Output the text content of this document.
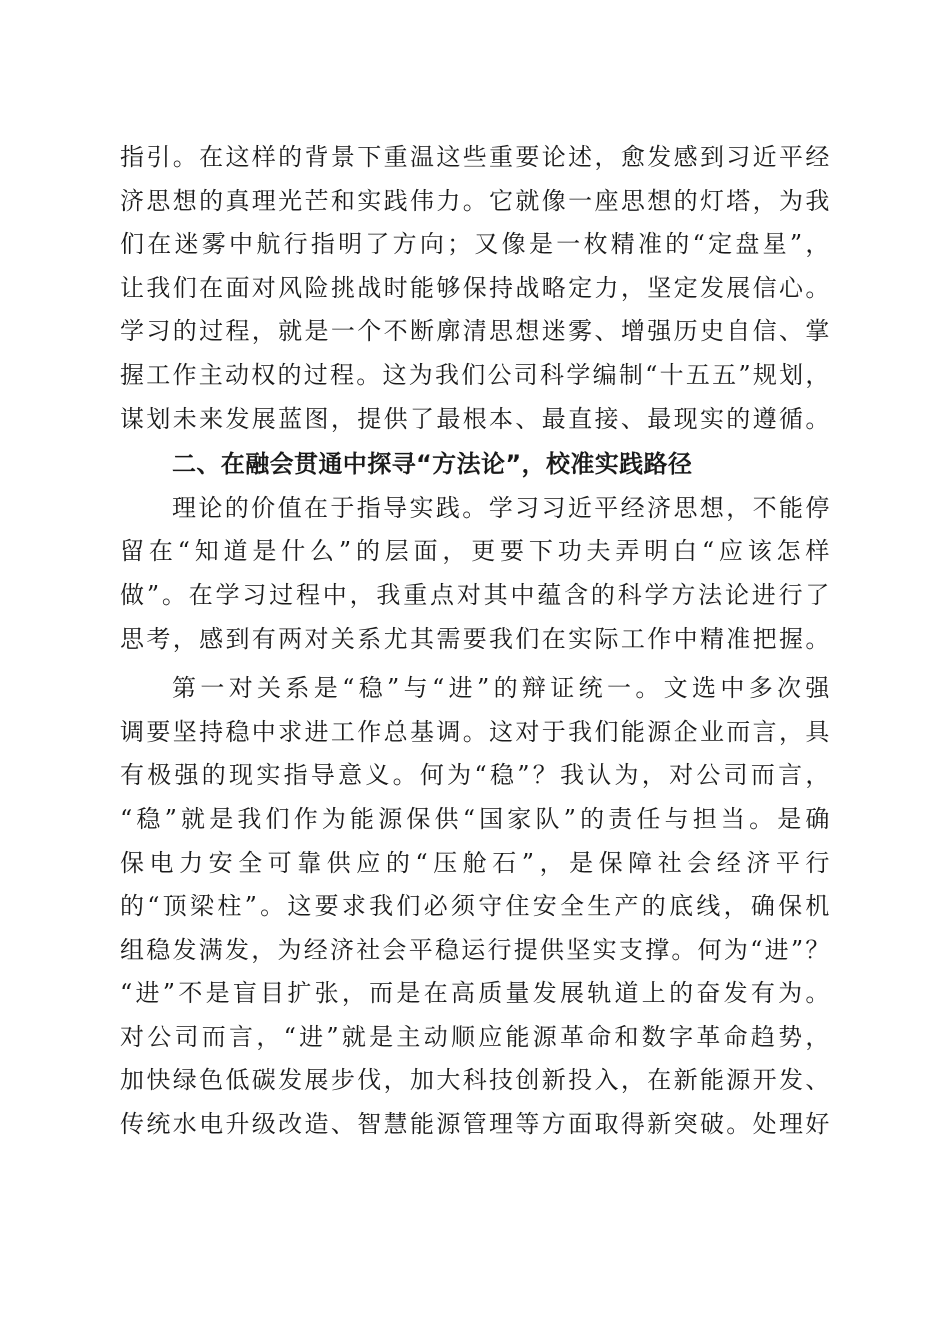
指引。在这样的背景下重温这些重要论述，愈发感到习近平经
济思想的真理光芒和实践伟力。它就像一座思想的灯塔，为我
们在迷雾中航行指明了方向；又像是一枚精准的“定盘星”，
让我们在面对风险挑战时能够保持战略定力，坚定发展信心。
学习的过程，就是一个不断廓清思想迷雾、增强历史自信、掌
握工作主动权的过程。这为我们公司科学编制“十五五”规划，
谋划未来发展蓝图，提供了最根本、最直接、最现实的遵循。
二、在融会贯通中探寻“方法论”，校准实践路径
理论的价值在于指导实践。学习习近平经济思想，不能停
留在“知道是什么”的层面，更要下功夫弄明白“应该怎样
做”。在学习过程中，我重点对其中蕴含的科学方法论进行了
思考，感到有两对关系尤其需要我们在实际工作中精准把握。
第一对关系是“稳”与“进”的辩证统一。文选中多次强
调要坚持稳中求进工作总基调。这对于我们能源企业而言，具
有极强的现实指导意义。何为“稳”？我认为，对公司而言，
“稳”就是我们作为能源保供“国家队”的责任与担当。是确
保电力安全可靠供应的“压舱石”，是保障社会经济平行
的“顶梁柱”。这要求我们必须守住安全生产的底线，确保机
组稳发满发，为经济社会平稳运行提供坚实支撑。何为“进”？
“进”不是盲目扩张，而是在高质量发展轨道上的奋发有为。
对公司而言，“进”就是主动顺应能源革命和数字革命趋势，
加快绿色低碳发展步伐，加大科技创新投入，在新能源开发、
传统水电升级改造、智慧能源管理等方面取得新突破。处理好
